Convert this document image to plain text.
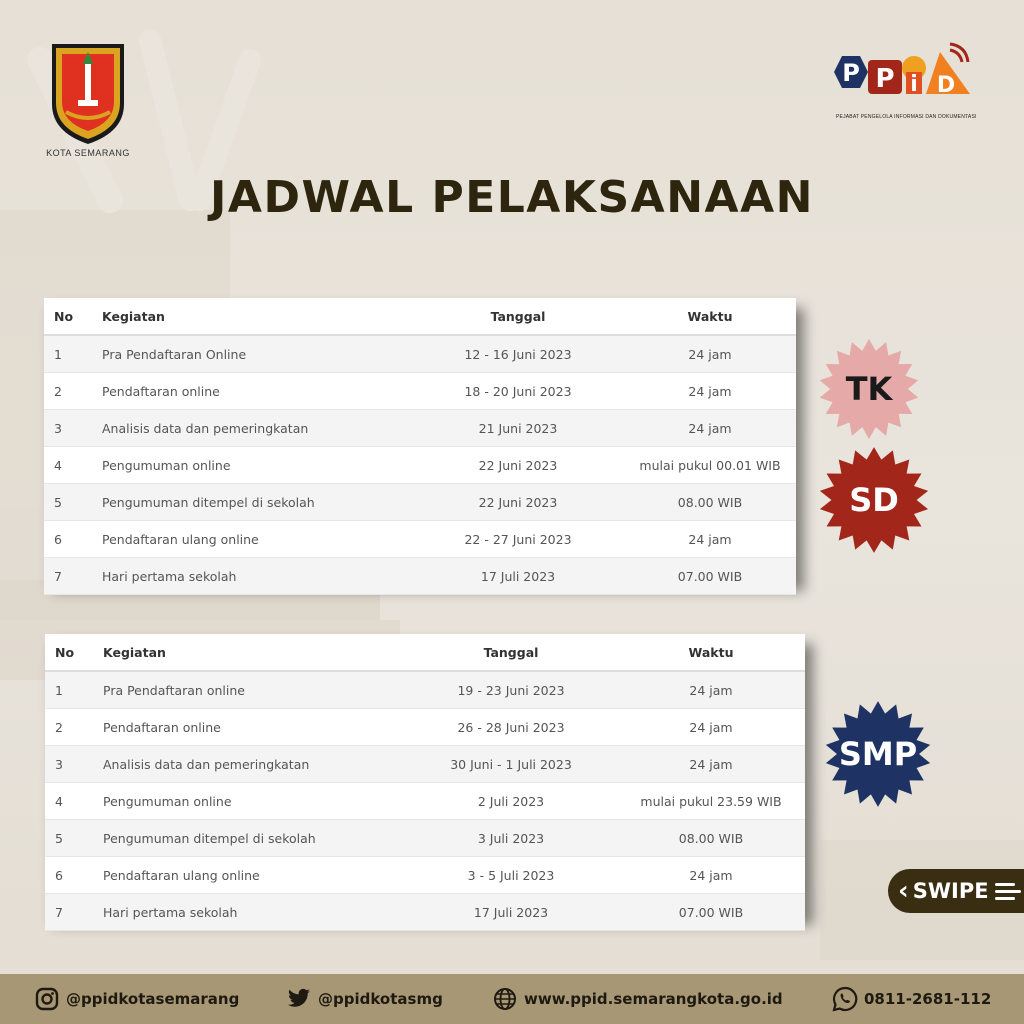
KOTA SEMARANG
P P i D
PEJABAT PENGELOLA INFORMASI DAN DOKUMENTASI
JADWAL PELAKSANAAN
No	Kegiatan	Tanggal	Waktu
1	Pra Pendaftaran Online	12 - 16 Juni 2023	24 jam
2	Pendaftaran online	18 - 20 Juni 2023	24 jam
3	Analisis data dan pemeringkatan	21 Juni 2023	24 jam
4	Pengumuman online	22 Juni 2023	mulai pukul 00.01 WIB
5	Pengumuman ditempel di sekolah	22 Juni 2023	08.00 WIB
6	Pendaftaran ulang online	22 - 27 Juni 2023	24 jam
7	Hari pertama sekolah	17 Juli 2023	07.00 WIB
No	Kegiatan	Tanggal	Waktu
1	Pra Pendaftaran online	19 - 23 Juni 2023	24 jam
2	Pendaftaran online	26 - 28 Juni 2023	24 jam
3	Analisis data dan pemeringkatan	30 Juni - 1 Juli 2023	24 jam
4	Pengumuman online	2 Juli 2023	mulai pukul 23.59 WIB
5	Pengumuman ditempel di sekolah	3 Juli 2023	08.00 WIB
6	Pendaftaran ulang online	3 - 5 Juli 2023	24 jam
7	Hari pertama sekolah	17 Juli 2023	07.00 WIB
TK
SD
SMP
‹ SWIPE
@ppidkotasemarang	@ppidkotasmg	www.ppid.semarangkota.go.id	0811-2681-112
